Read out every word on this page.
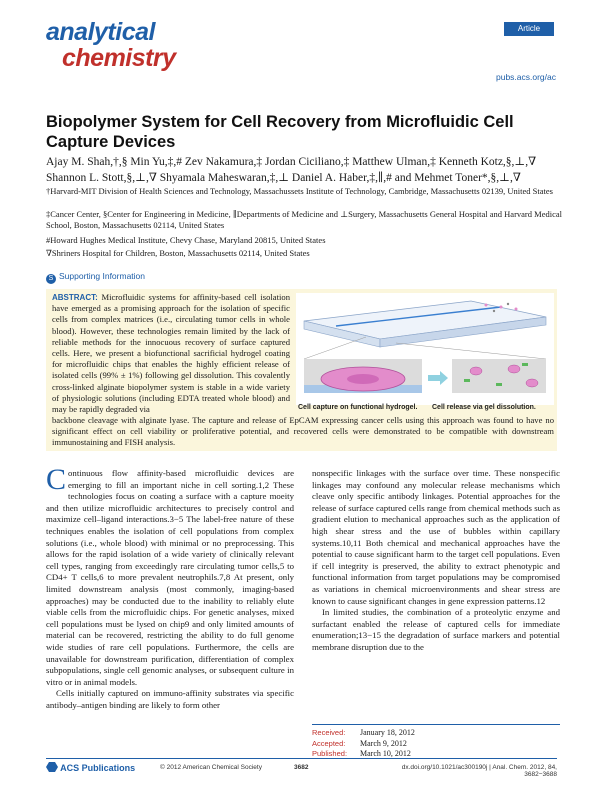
analytical
chemistry
Article
pubs.acs.org/ac
Biopolymer System for Cell Recovery from Microfluidic Cell Capture Devices
Ajay M. Shah,†,§ Min Yu,‡,# Zev Nakamura,‡ Jordan Ciciliano,‡ Matthew Ulman,‡ Kenneth Kotz,§,⊥,∇ Shannon L. Stott,§,⊥,∇ Shyamala Maheswaran,‡,⊥ Daniel A. Haber,‡,∥,# and Mehmet Toner*,§,⊥,∇
†Harvard-MIT Division of Health Sciences and Technology, Massachussets Institute of Technology, Cambridge, Massachusetts 02139, United States
‡Cancer Center, §Center for Engineering in Medicine, ∥Departments of Medicine and ⊥Surgery, Massachusetts General Hospital and Harvard Medical School, Boston, Massachusetts 02114, United States
#Howard Hughes Medical Institute, Chevy Chase, Maryland 20815, United States
∇Shriners Hospital for Children, Boston, Massachusetts 02114, United States
S Supporting Information
ABSTRACT: Microfluidic systems for affinity-based cell isolation have emerged as a promising approach for the isolation of specific cells from complex matrices (i.e., circulating tumor cells in whole blood). However, these technologies remain limited by the lack of reliable methods for the innocuous recovery of surface captured cells. Here, we present a biofunctional sacrificial hydrogel coating for microfluidic chips that enables the highly efficient release of isolated cells (99% ± 1%) following gel dissolution. This covalently cross-linked alginate biopolymer system is stable in a wide variety of physiologic solutions (including EDTA treated whole blood) and may be rapidly degraded via	Cell capture on functional hydrogel. Cell release via gel dissolution.
backbone cleavage with alginate lyase. The capture and release of EpCAM expressing cancer cells using this approach was found to have no significant effect on cell viability or proliferative potential, and recovered cells were demonstrated to be compatible with downstream immunostaining and FISH analysis.

Continuous flow affinity-based microfluidic devices are emerging to fill an important niche in cell sorting.1,2 These technologies focus on coating a surface with a capture moeity and then utilize microfluidic architectures to precisely control and maximize cell–ligand interactions.3−5 The label-free nature of these techniques enables the isolation of cell populations from complex solutions (i.e., whole blood) with minimal or no preprocessing. This allows for the rapid isolation of a wide variety of clinically relevant cell types, ranging from exceedingly rare circulating tumor cells,5 to CD4+ T cells,6 to more prevalent neutrophils.7,8 At present, only limited downstream analysis (most commonly, imaging-based approaches) may be conducted due to the inability to reliably elute viable cells from the microfluidic chips. For genetic analyses, mixed cell populations must be lysed on chip9 and only limited amounts of material can be recovered, restricting the ability to do full genome wide studies of rare cell populations. Furthermore, the cells are unavailable for downstream purification, differentiation of complex subpopulations, single cell genomic analyses, or subsequent culture in vitro or in animal models.

Cells initially captured on immuno-affinity substrates via specific antibody–antigen binding are likely to form other

nonspecific linkages with the surface over time. These nonspecific linkages may confound any molecular release mechanisms which cleave only specific antibody linkages. Potential approaches for the release of surface captured cells range from chemical methods such as gradient elution to mechanical approaches such as the application of high shear stress and the use of bubbles within capillary systems.10,11 Both chemical and mechanical approaches have the potential to cause significant harm to the target cell populations. Even if cell integrity is preserved, the ability to extract phenotypic and functional information from target populations may be compromised as variations in chemical microenvironments and shear stress are known to cause significant changes in gene expression patterns.12

In limited studies, the combination of a proteolytic enzyme and surfactant enabled the release of captured cells for immediate enumeration;13−15 the degradation of surface markers and potential membrane disruption due to the

Received:	January 18, 2012
Accepted:	March 9, 2012
Published:	March 10, 2012
ACS Publications	© 2012 American Chemical Society	3682	dx.doi.org/10.1021/ac300190j | Anal. Chem. 2012, 84, 3682−3688
